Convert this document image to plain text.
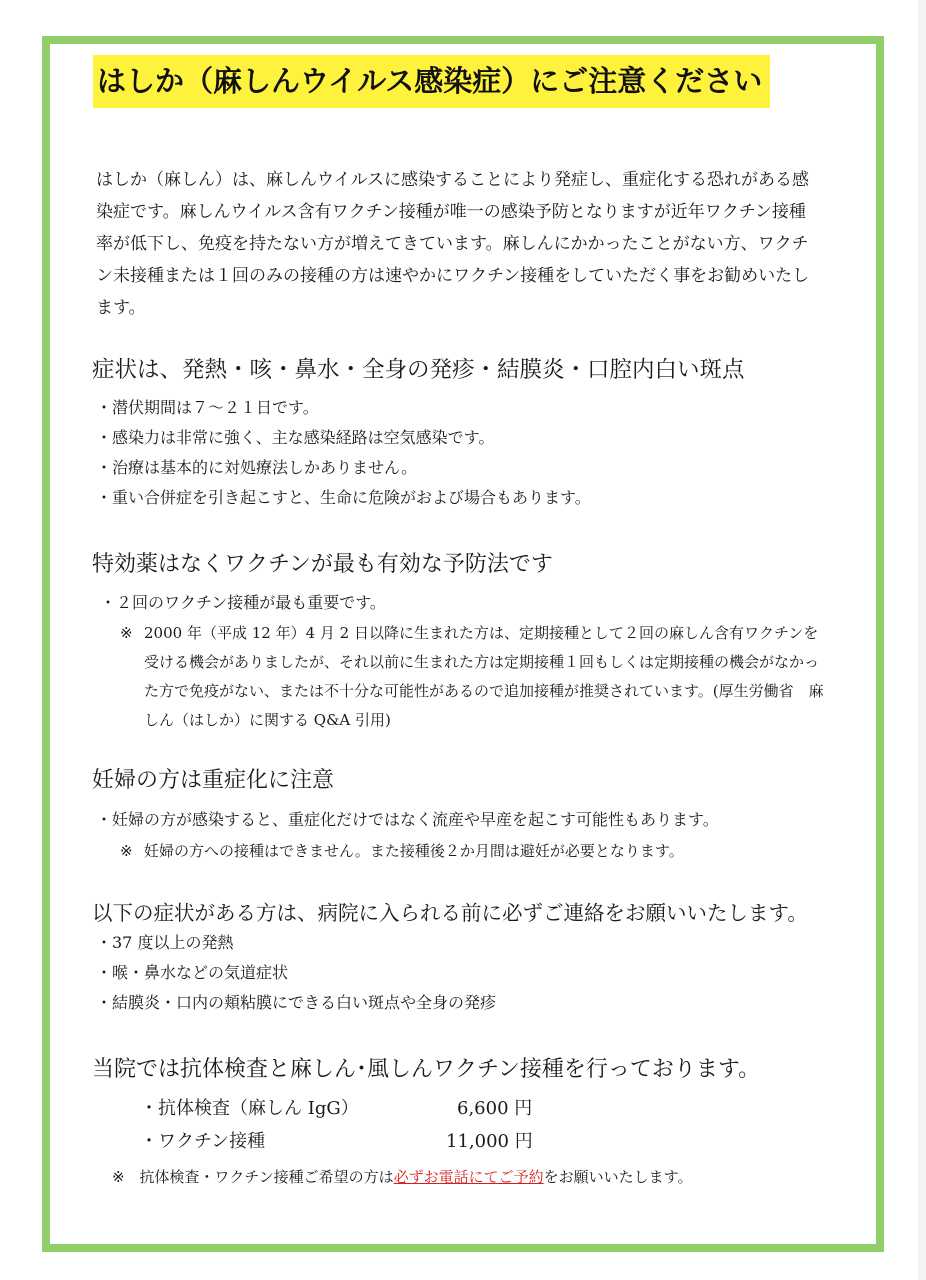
はしか（麻しんウイルス感染症）にご注意ください

はしか（麻しん）は、麻しんウイルスに感染することにより発症し、重症化する恐れがある感染症です。麻しんウイルス含有ワクチン接種が唯一の感染予防となりますが近年ワクチン接種率が低下し、免疫を持たない方が増えてきています。麻しんにかかったことがない方、ワクチン未接種または１回のみの接種の方は速やかにワクチン接種をしていただく事をお勧めいたします。

症状は、発熱・咳・鼻水・全身の発疹・結膜炎・口腔内白い斑点
・潜伏期間は７〜２１日です。
・感染力は非常に強く、主な感染経路は空気感染です。
・治療は基本的に対処療法しかありません。
・重い合併症を引き起こすと、生命に危険がおよび場合もあります。
特効薬はなくワクチンが最も有効な予防法です
・２回のワクチン接種が最も重要です。
※ 2000 年（平成 12 年）4 月 2 日以降に生まれた方は、定期接種として２回の麻しん含有ワクチンを受ける機会がありましたが、それ以前に生まれた方は定期接種１回もしくは定期接種の機会がなかった方で免疫がない、または不十分な可能性があるので追加接種が推奨されています。(厚生労働省　麻しん（はしか）に関する Q&A 引用)
妊婦の方は重症化に注意
・妊婦の方が感染すると、重症化だけではなく流産や早産を起こす可能性もあります。
※ 妊婦の方への接種はできません。また接種後２か月間は避妊が必要となります。
以下の症状がある方は、病院に入られる前に必ずご連絡をお願いいたします。
・37 度以上の発熱
・喉・鼻水などの気道症状
・結膜炎・口内の頬粘膜にできる白い斑点や全身の発疹
当院では抗体検査と麻しん･風しんワクチン接種を行っております。
・抗体検査（麻しん IgG）	6,600 円
・ワクチン接種	11,000 円
※ 抗体検査・ワクチン接種ご希望の方は必ずお電話にてご予約をお願いいたします。
